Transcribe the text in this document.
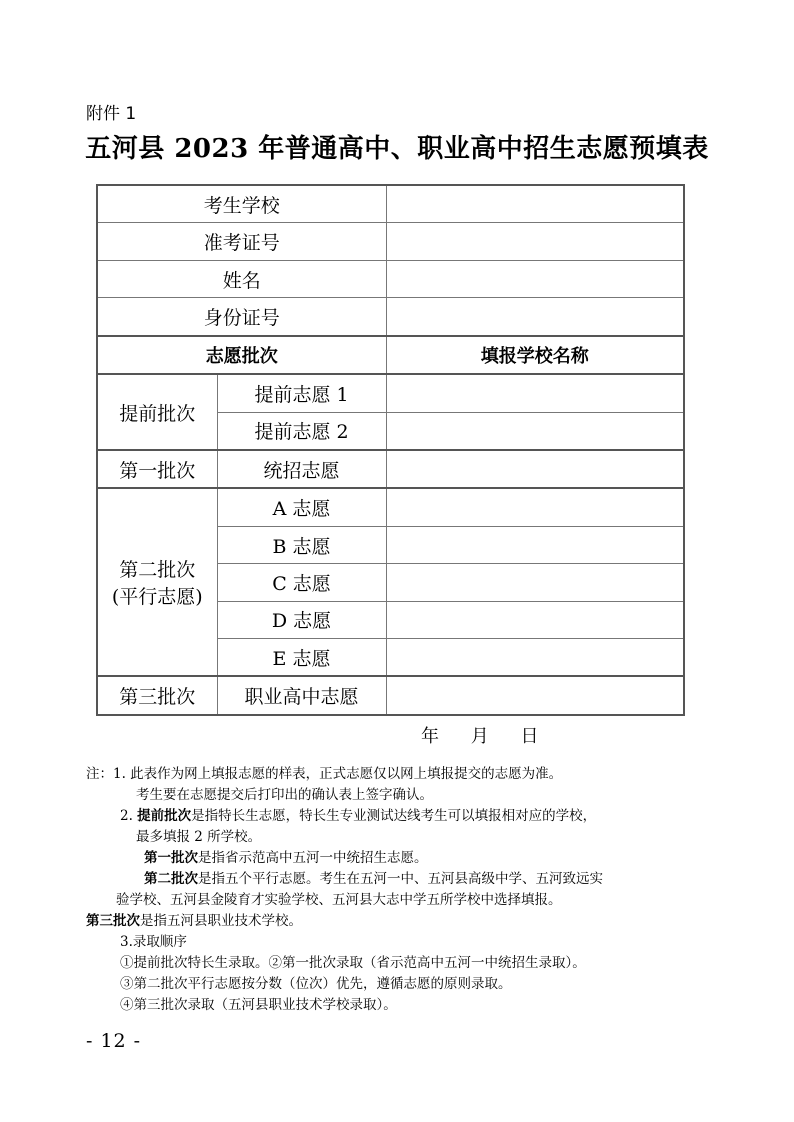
附件 1
五河县 2023 年普通高中、职业高中招生志愿预填表
考生学校		
准考证号		
姓名		
身份证号		
志愿批次		填报学校名称
提前批次	提前志愿 1	
	提前志愿 2	
第一批次	统招志愿	

第二批次
(平行志愿)	A 志愿	
	B 志愿	
	C 志愿	
	D 志愿	
	E 志愿	
第三批次	职业高中志愿	
年 月 日
注：1. 此表作为网上填报志愿的样表，正式志愿仅以网上填报提交的志愿为准。
考生要在志愿提交后打印出的确认表上签字确认。
2. 提前批次是指特长生志愿，特长生专业测试达线考生可以填报相对应的学校，
最多填报 2 所学校。
第一批次是指省示范高中五河一中统招生志愿。
第二批次是指五个平行志愿。考生在五河一中、五河县高级中学、五河致远实
验学校、五河县金陵育才实验学校、五河县大志中学五所学校中选择填报。
第三批次是指五河县职业技术学校。
3.录取顺序
①提前批次特长生录取。②第一批次录取（省示范高中五河一中统招生录取）。
③第二批次平行志愿按分数（位次）优先，遵循志愿的原则录取。
④第三批次录取（五河县职业技术学校录取）。
- 12 -
